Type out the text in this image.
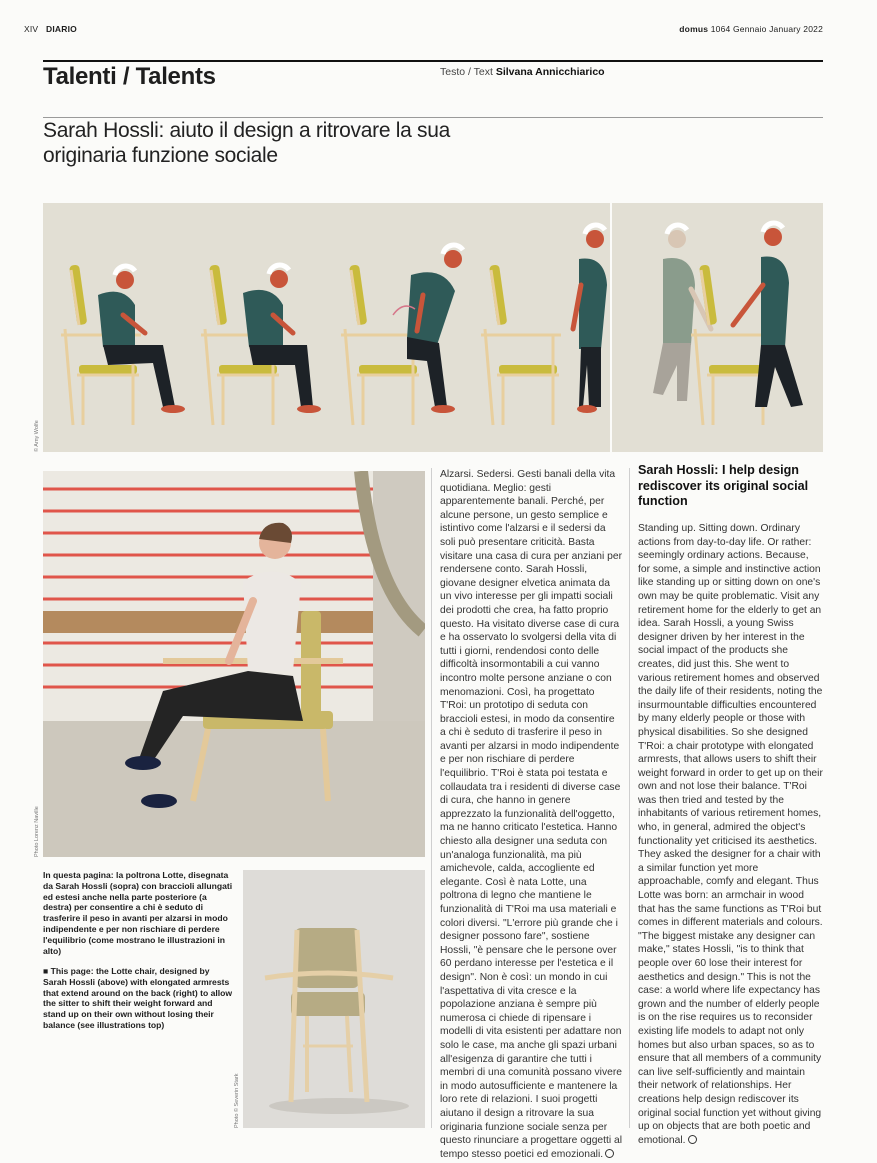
XIV DIARIO	domus 1064 Gennaio January 2022
Talenti / Talents	Testo / Text Silvana Annicchiarico
Sarah Hossli: aiuto il design a ritrovare la sua originaria funzione sociale
© Amy Wolfe
Photo Lorenz Naville

In questa pagina: la poltrona Lotte, disegnata da Sarah Hossli (sopra) con braccioli allungati ed estesi anche nella parte posteriore (a destra) per consentire a chi è seduto di trasferire il peso in avanti per alzarsi in modo indipendente e per non rischiare di perdere l'equilibrio (come mostrano le illustrazioni in alto)

■ This page: the Lotte chair, designed by Sarah Hossli (above) with elongated armrests that extend around on the back (right) to allow the sitter to shift their weight forward and stand up on their own without losing their balance (see illustrations top)

Photo © Severin Stark

Alzarsi. Sedersi. Gesti banali della vita quotidiana. Meglio: gesti apparentemente banali. Perché, per alcune persone, un gesto semplice e istintivo come l'alzarsi e il sedersi da soli può presentare criticità. Basta visitare una casa di cura per anziani per rendersene conto. Sarah Hossli, giovane designer elvetica animata da un vivo interesse per gli impatti sociali dei prodotti che crea, ha fatto proprio questo. Ha visitato diverse case di cura e ha osservato lo svolgersi della vita di tutti i giorni, rendendosi conto delle difficoltà insormontabili a cui vanno incontro molte persone anziane o con menomazioni. Così, ha progettato T'Roi: un prototipo di seduta con braccioli estesi, in modo da consentire a chi è seduto di trasferire il peso in avanti per alzarsi in modo indipendente e per non rischiare di perdere l'equilibrio. T'Roi è stata poi testata e collaudata tra i residenti di diverse case di cura, che hanno in genere apprezzato la funzionalità dell'oggetto, ma ne hanno criticato l'estetica. Hanno chiesto alla designer una seduta con un'analoga funzionalità, ma più amichevole, calda, accogliente ed elegante. Così è nata Lotte, una poltrona di legno che mantiene le funzionalità di T'Roi ma usa materiali e colori diversi. "L'errore più grande che i designer possono fare", sostiene Hossli, "è pensare che le persone over 60 perdano interesse per l'estetica e il design". Non è così: un mondo in cui l'aspettativa di vita cresce e la popolazione anziana è sempre più numerosa ci chiede di ripensare i modelli di vita esistenti per adattare non solo le case, ma anche gli spazi urbani all'esigenza di garantire che tutti i membri di una comunità possano vivere in modo autosufficiente e mantenere la loro rete di relazioni. I suoi progetti aiutano il design a ritrovare la sua originaria funzione sociale senza per questo rinunciare a progettare oggetti al tempo stesso poetici ed emozionali.

Sarah Hossli: I help design rediscover its original social function

Standing up. Sitting down. Ordinary actions from day-to-day life. Or rather: seemingly ordinary actions. Because, for some, a simple and instinctive action like standing up or sitting down on one's own may be quite problematic. Visit any retirement home for the elderly to get an idea. Sarah Hossli, a young Swiss designer driven by her interest in the social impact of the products she creates, did just this. She went to various retirement homes and observed the daily life of their residents, noting the insurmountable difficulties encountered by many elderly people or those with physical disabilities. So she designed T'Roi: a chair prototype with elongated armrests, that allows users to shift their weight forward in order to get up on their own and not lose their balance. T'Roi was then tried and tested by the inhabitants of various retirement homes, who, in general, admired the object's functionality yet criticised its aesthetics. They asked the designer for a chair with a similar function yet more approachable, comfy and elegant. Thus Lotte was born: an armchair in wood that has the same functions as T'Roi but comes in different materials and colours. "The biggest mistake any designer can make," states Hossli, "is to think that people over 60 lose their interest for aesthetics and design." This is not the case: a world where life expectancy has grown and the number of elderly people is on the rise requires us to reconsider existing life models to adapt not only homes but also urban spaces, so as to ensure that all members of a community can live self-sufficiently and maintain their network of relationships. Her creations help design rediscover its original social function yet without giving up on objects that are both poetic and emotional.
